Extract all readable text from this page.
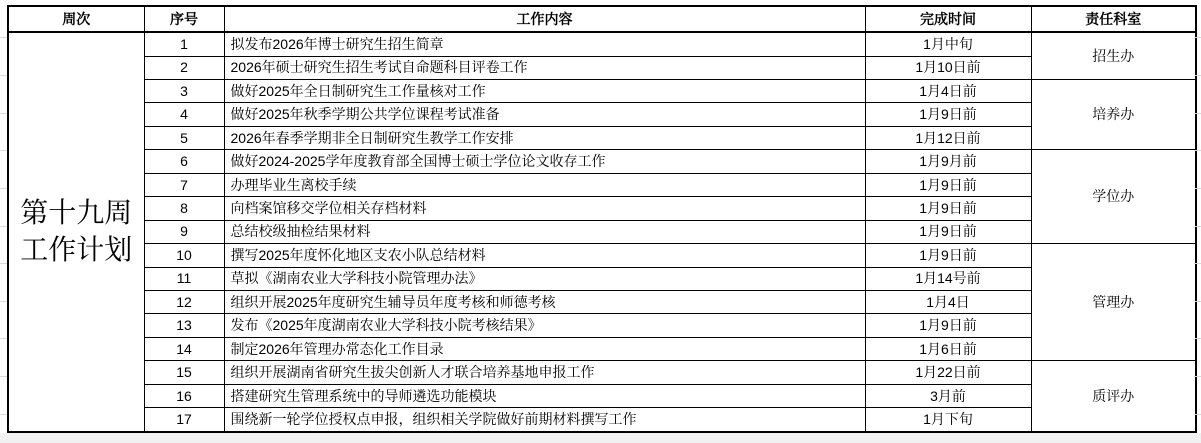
周次	序号	工作内容	完成时间	责任科室

第十九周
工作计划	1	拟发布2026年博士研究生招生简章	1月中旬	招生办
	2	2026年硕士研究生招生考试自命题科目评卷工作	1月10日前	
	3	做好2025年全日制研究生工作量核对工作	1月4日前	培养办
	4	做好2025年秋季学期公共学位课程考试准备	1月9日前	
	5	2026年春季学期非全日制研究生教学工作安排	1月12日前	
	6	做好2024-2025学年度教育部全国博士硕士学位论文收存工作	1月9月前	学位办
	7	办理毕业生离校手续	1月9日前	
	8	向档案馆移交学位相关存档材料	1月9日前	
	9	总结校级抽检结果材料	1月9日前	
	10	撰写2025年度怀化地区支农小队总结材料	1月9日前	管理办
	11	草拟《湖南农业大学科技小院管理办法》	1月14号前	
	12	组织开展2025年度研究生辅导员年度考核和师德考核	1月4日	
	13	发布《2025年度湖南农业大学科技小院考核结果》	1月9日前	
	14	制定2026年管理办常态化工作目录	1月6日前	
	15	组织开展湖南省研究生拔尖创新人才联合培养基地申报工作	1月22日前	质评办
	16	搭建研究生管理系统中的导师遴选功能模块	3月前	
	17	围绕新一轮学位授权点申报，组织相关学院做好前期材料撰写工作	1月下旬	
